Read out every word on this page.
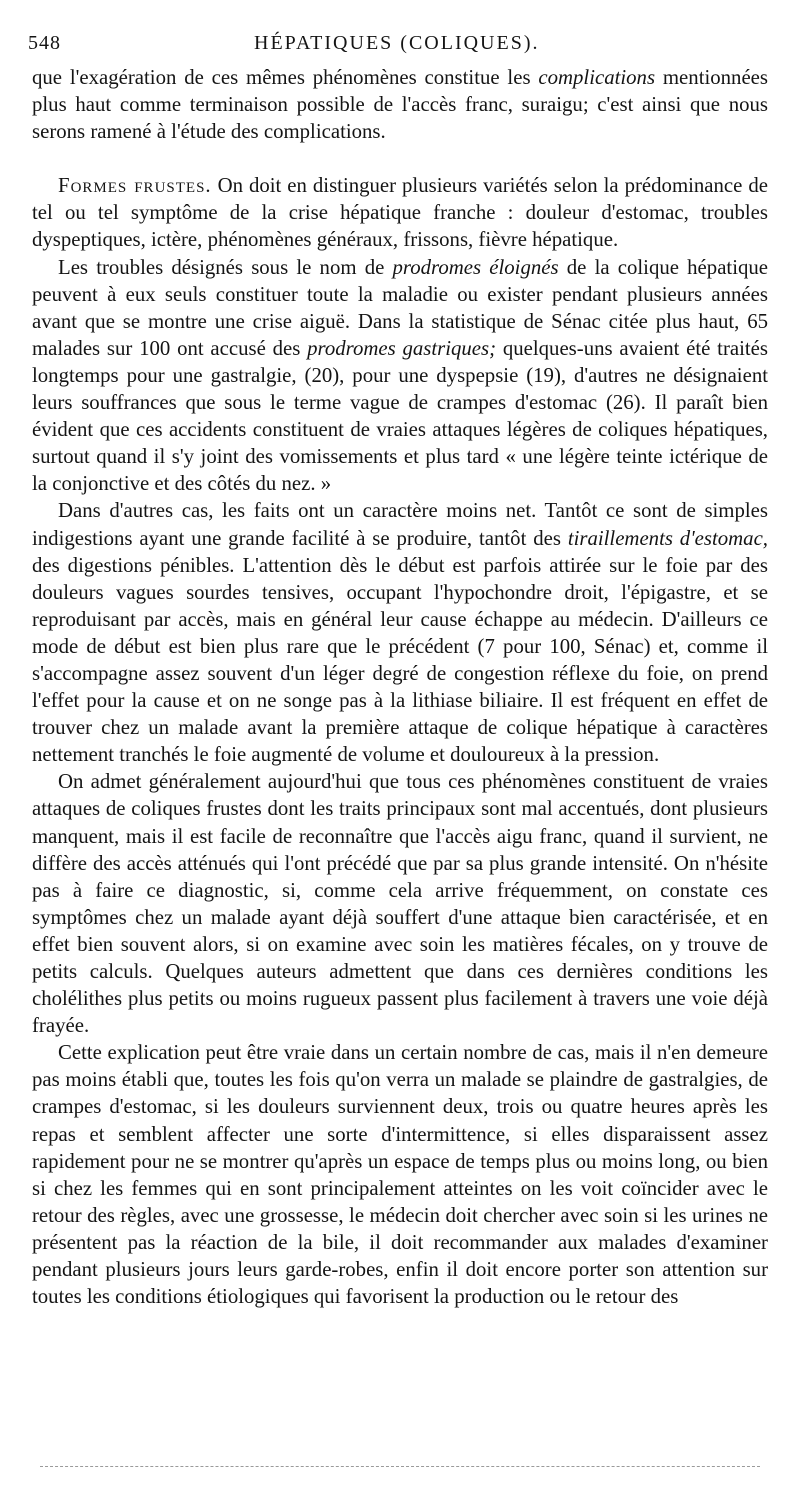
548	HÉPATIQUES (COLIQUES).

que l'exagération de ces mêmes phénomènes constitue les complications mentionnées plus haut comme terminaison possible de l'accès franc, suraigu; c'est ainsi que nous serons ramené à l'étude des complications.

Formes frustes. On doit en distinguer plusieurs variétés selon la prédominance de tel ou tel symptôme de la crise hépatique franche : douleur d'estomac, troubles dyspeptiques, ictère, phénomènes généraux, frissons, fièvre hépatique.

Les troubles désignés sous le nom de prodromes éloignés de la colique hépatique peuvent à eux seuls constituer toute la maladie ou exister pendant plusieurs années avant que se montre une crise aiguë. Dans la statistique de Sénac citée plus haut, 65 malades sur 100 ont accusé des prodromes gastriques; quelques-uns avaient été traités longtemps pour une gastralgie, (20), pour une dyspepsie (19), d'autres ne désignaient leurs souffrances que sous le terme vague de crampes d'estomac (26). Il paraît bien évident que ces accidents constituent de vraies attaques légères de coliques hépatiques, surtout quand il s'y joint des vomissements et plus tard « une légère teinte ictérique de la conjonctive et des côtés du nez. »

Dans d'autres cas, les faits ont un caractère moins net. Tantôt ce sont de simples indigestions ayant une grande facilité à se produire, tantôt des tiraillements d'estomac, des digestions pénibles. L'attention dès le début est parfois attirée sur le foie par des douleurs vagues sourdes tensives, occupant l'hypochondre droit, l'épigastre, et se reproduisant par accès, mais en général leur cause échappe au médecin. D'ailleurs ce mode de début est bien plus rare que le précédent (7 pour 100, Sénac) et, comme il s'accompagne assez souvent d'un léger degré de congestion réflexe du foie, on prend l'effet pour la cause et on ne songe pas à la lithiase biliaire. Il est fréquent en effet de trouver chez un malade avant la première attaque de colique hépatique à caractères nettement tranchés le foie augmenté de volume et douloureux à la pression.

On admet généralement aujourd'hui que tous ces phénomènes constituent de vraies attaques de coliques frustes dont les traits principaux sont mal accentués, dont plusieurs manquent, mais il est facile de reconnaître que l'accès aigu franc, quand il survient, ne diffère des accès atténués qui l'ont précédé que par sa plus grande intensité. On n'hésite pas à faire ce diagnostic, si, comme cela arrive fréquemment, on constate ces symptômes chez un malade ayant déjà souffert d'une attaque bien caractérisée, et en effet bien souvent alors, si on examine avec soin les matières fécales, on y trouve de petits calculs. Quelques auteurs admettent que dans ces dernières conditions les cholélithes plus petits ou moins rugueux passent plus facilement à travers une voie déjà frayée.

Cette explication peut être vraie dans un certain nombre de cas, mais il n'en demeure pas moins établi que, toutes les fois qu'on verra un malade se plaindre de gastralgies, de crampes d'estomac, si les douleurs surviennent deux, trois ou quatre heures après les repas et semblent affecter une sorte d'intermittence, si elles disparaissent assez rapidement pour ne se montrer qu'après un espace de temps plus ou moins long, ou bien si chez les femmes qui en sont principalement atteintes on les voit coïncider avec le retour des règles, avec une grossesse, le médecin doit chercher avec soin si les urines ne présentent pas la réaction de la bile, il doit recommander aux malades d'examiner pendant plusieurs jours leurs garde-robes, enfin il doit encore porter son attention sur toutes les conditions étiologiques qui favorisent la production ou le retour des
